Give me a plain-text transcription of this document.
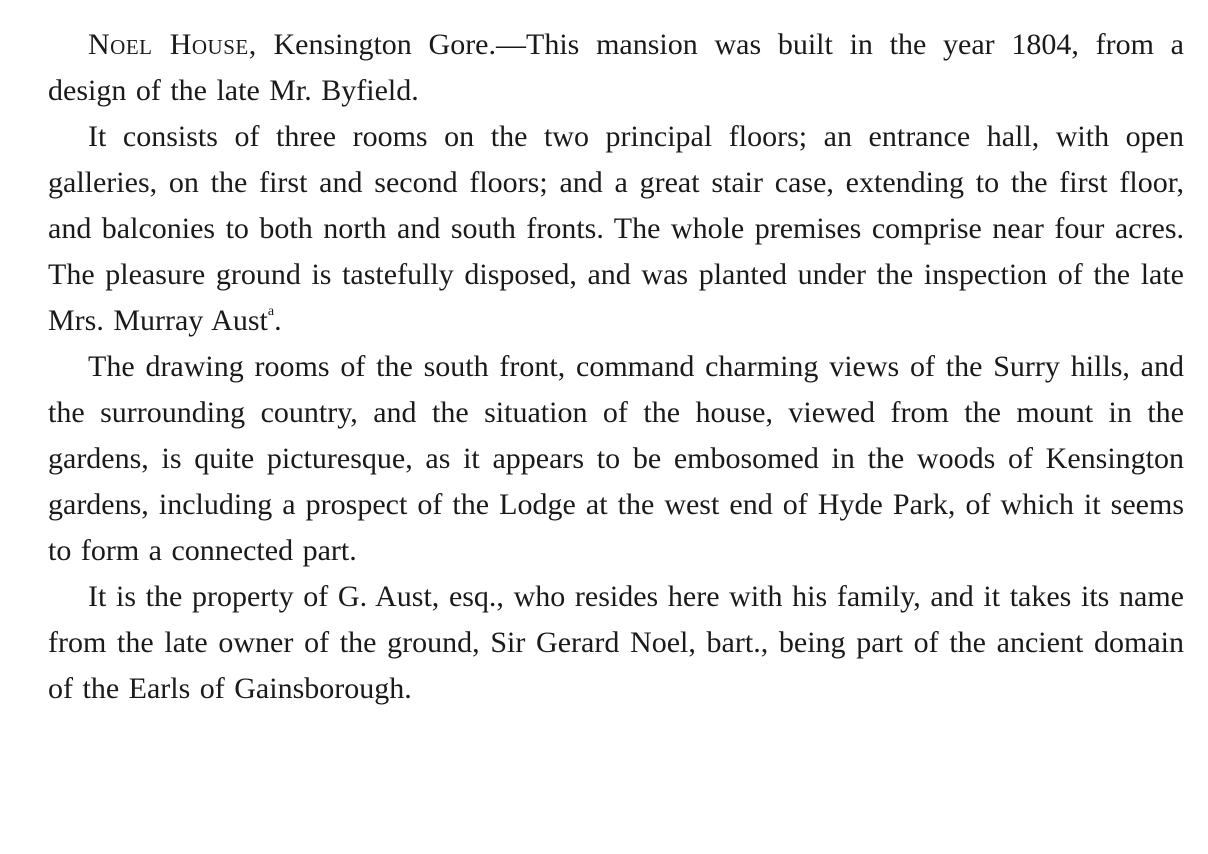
Noel House, Kensington Gore.—This mansion was built in the year 1804, from a design of the late Mr. Byfield.

It consists of three rooms on the two principal floors; an entrance hall, with open galleries, on the first and second floors; and a great stair case, extending to the first floor, and balconies to both north and south fronts. The whole premises comprise near four acres. The pleasure ground is tastefully disposed, and was planted under the inspection of the late Mrs. Murray Aust$^a$.

The drawing rooms of the south front, command charming views of the Surry hills, and the surrounding country, and the situation of the house, viewed from the mount in the gardens, is quite picturesque, as it appears to be embosomed in the woods of Kensington gardens, including a prospect of the Lodge at the west end of Hyde Park, of which it seems to form a connected part.

It is the property of G. Aust, esq., who resides here with his family, and it takes its name from the late owner of the ground, Sir Gerard Noel, bart., being part of the ancient domain of the Earls of Gainsborough.
